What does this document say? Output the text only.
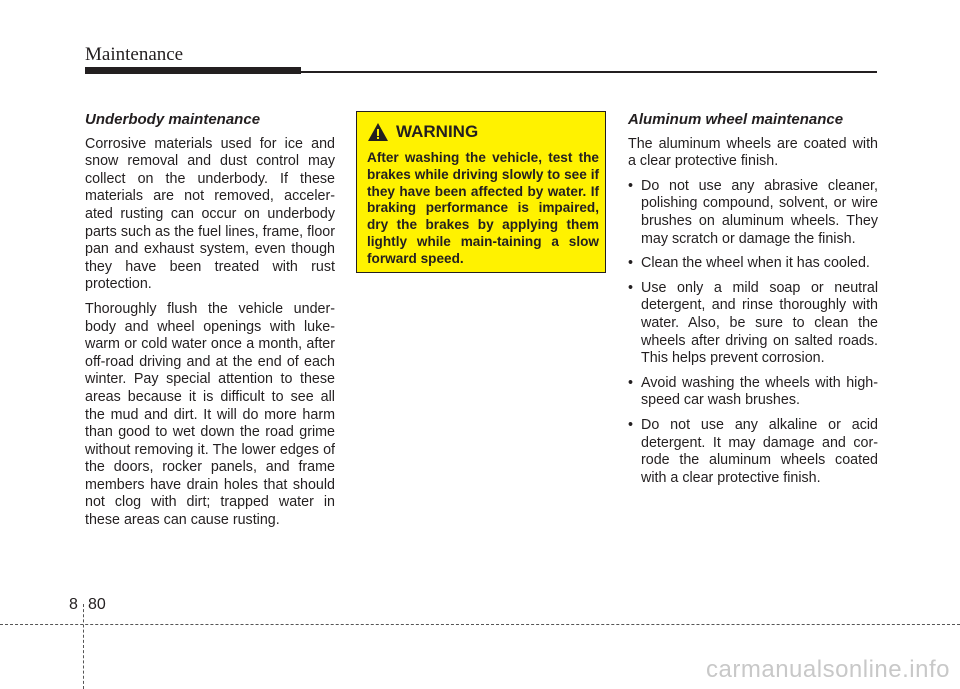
Maintenance
Underbody maintenance

Corrosive materials used for ice and snow removal and dust control may collect on the underbody. If these materials are not removed, acceler-ated rusting can occur on underbody parts such as the fuel lines, frame, floor pan and exhaust system, even though they have been treated with rust protection.

Thoroughly flush the vehicle under-body and wheel openings with luke-warm or cold water once a month, after off-road driving and at the end of each winter. Pay special attention to these areas because it is difficult to see all the mud and dirt. It will do more harm than good to wet down the road grime without removing it. The lower edges of the doors, rocker panels, and frame members have drain holes that should not clog with dirt; trapped water in these areas can cause rusting.

WARNING
After washing the vehicle, test the brakes while driving slowly to see if they have been affected by water. If braking performance is impaired, dry the brakes by applying them lightly while main-taining a slow forward speed.
Aluminum wheel maintenance

The aluminum wheels are coated with a clear protective finish.

• Do not use any abrasive cleaner, polishing compound, solvent, or wire brushes on aluminum wheels. They may scratch or damage the finish.
• Clean the wheel when it has cooled.
• Use only a mild soap or neutral detergent, and rinse thoroughly with water. Also, be sure to clean the wheels after driving on salted roads. This helps prevent corrosion.
• Avoid washing the wheels with high-speed car wash brushes.
• Do not use any alkaline or acid detergent. It may damage and cor-rode the aluminum wheels coated with a clear protective finish.
8 80
carmanualsonline.info
